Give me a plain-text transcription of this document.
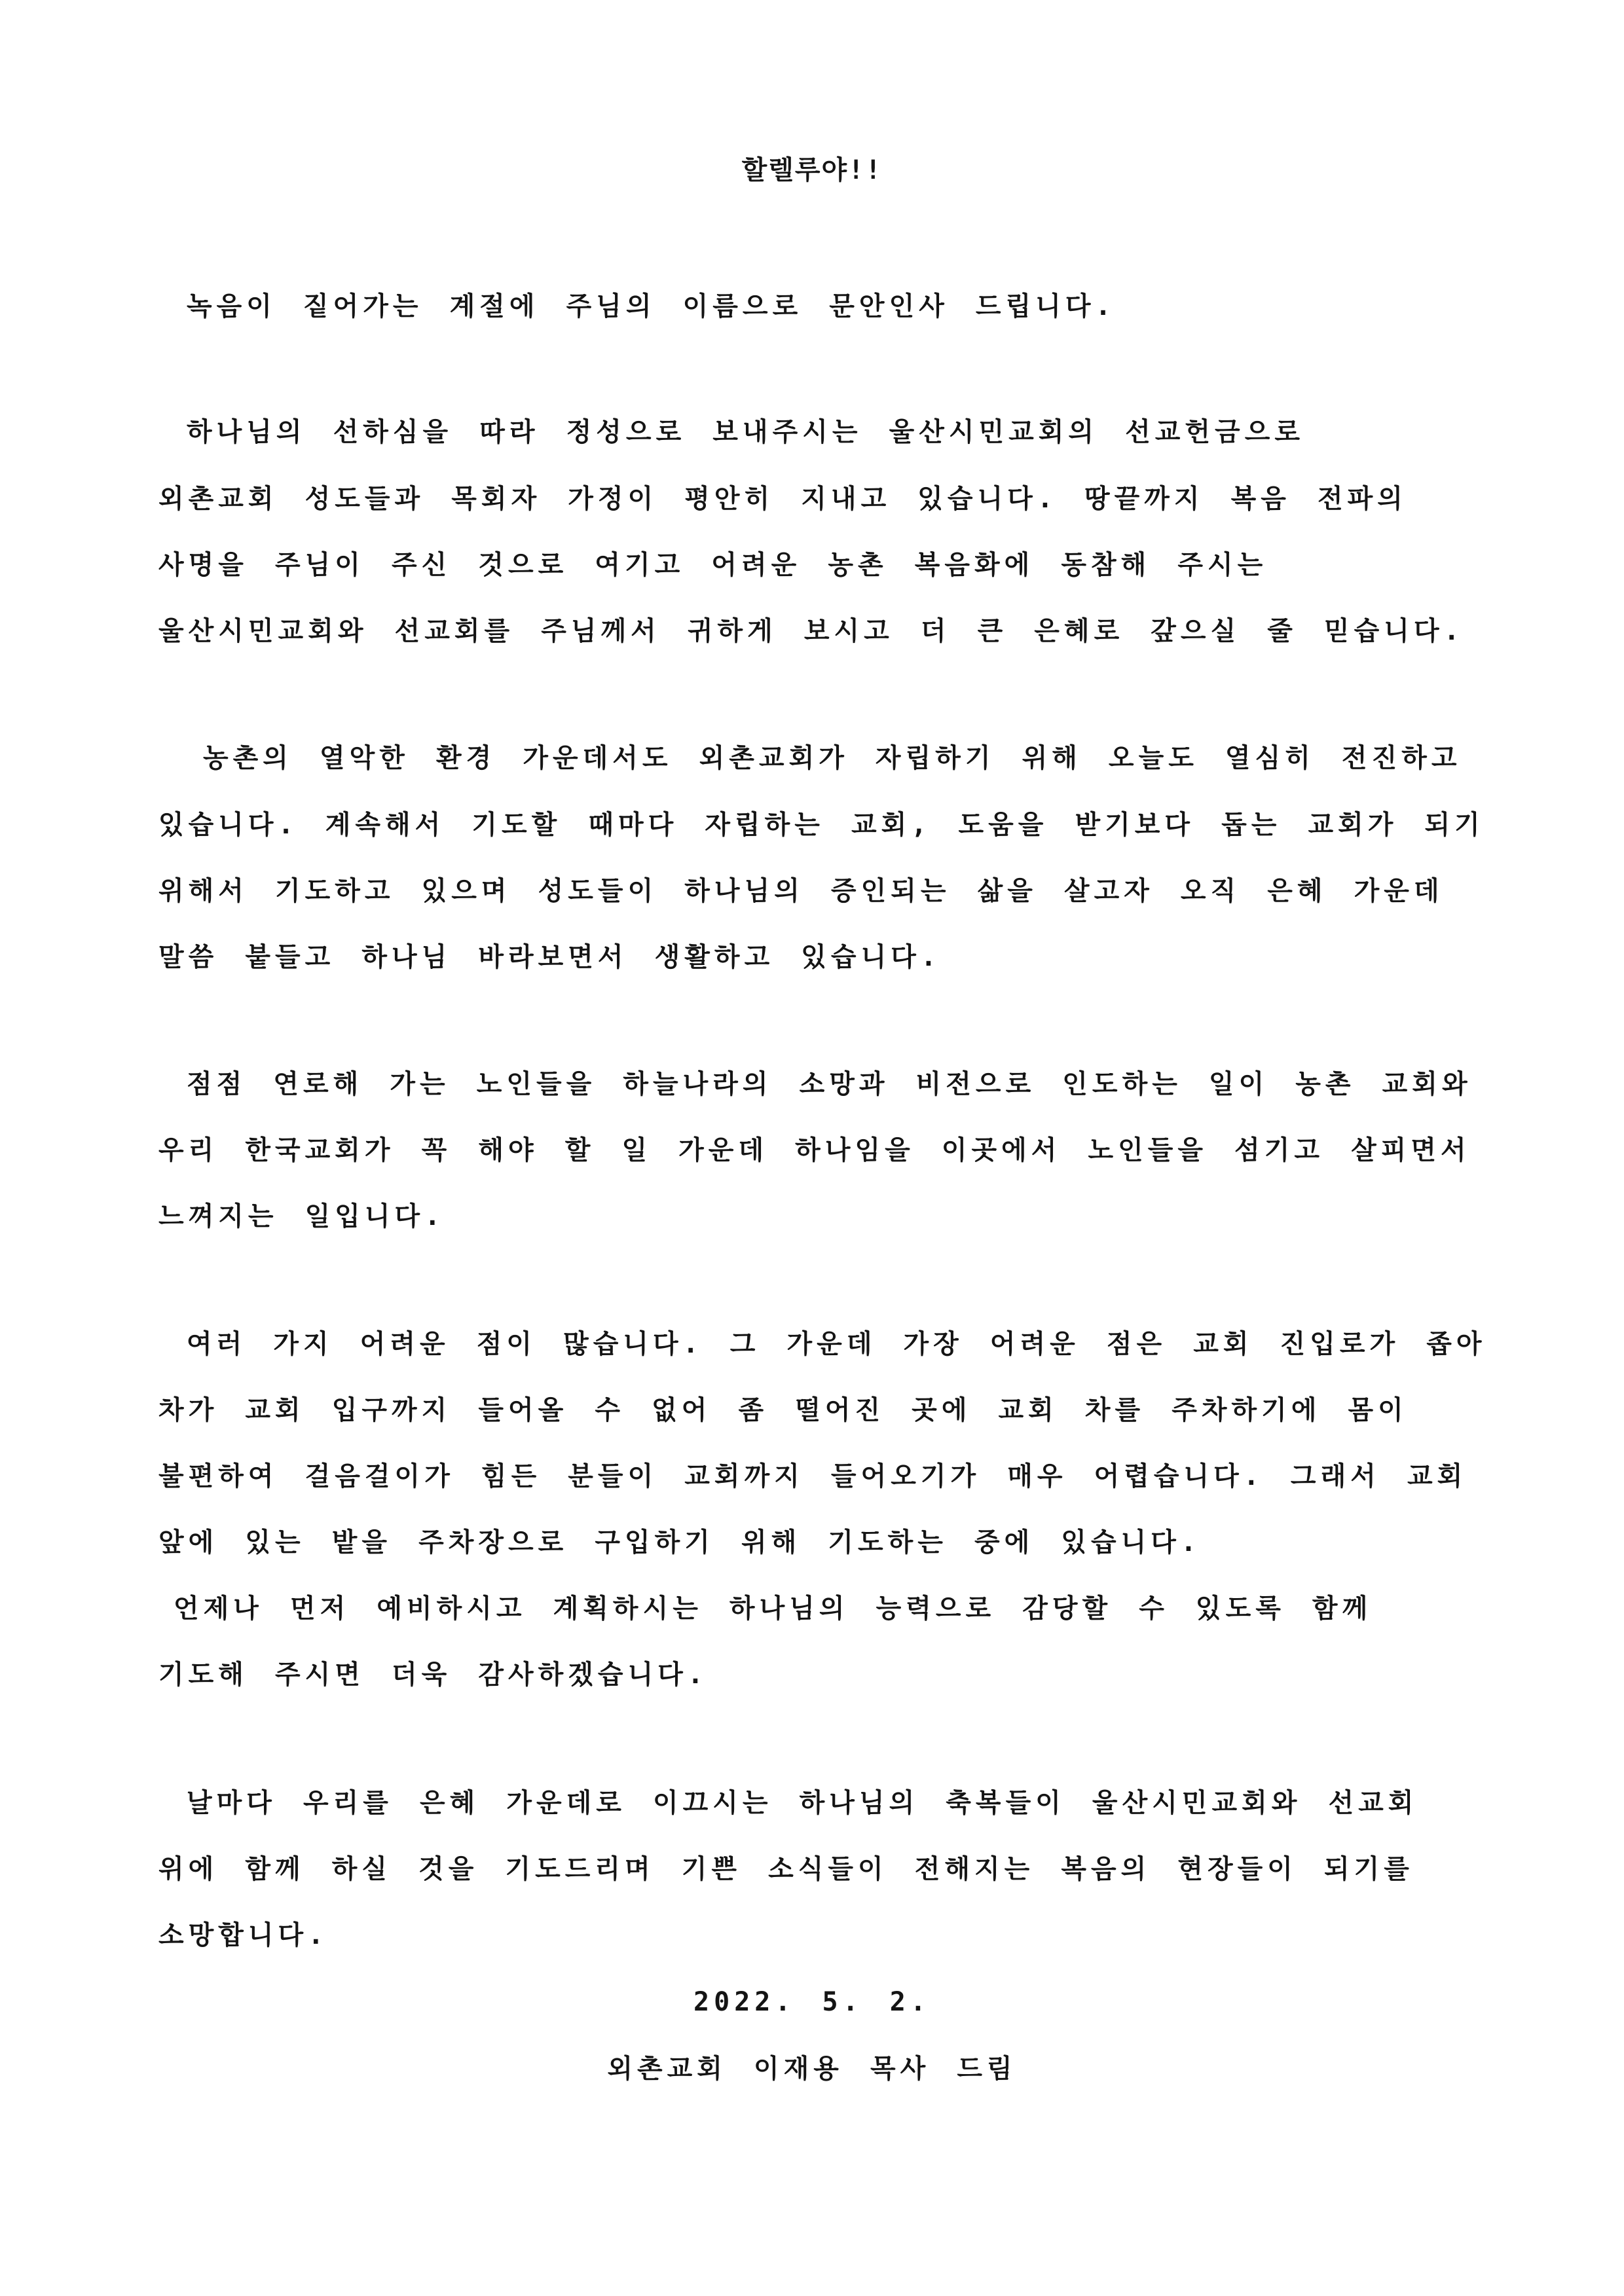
할렐루야!!
녹음이 짙어가는 계절에 주님의 이름으로 문안인사 드립니다.
하나님의 선하심을 따라 정성으로 보내주시는 울산시민교회의 선교헌금으로
외촌교회 성도들과 목회자 가정이 평안히 지내고 있습니다. 땅끝까지 복음 전파의
사명을 주님이 주신 것으로 여기고 어려운 농촌 복음화에 동참해 주시는
울산시민교회와 선교회를 주님께서 귀하게 보시고 더 큰 은혜로 갚으실 줄 믿습니다.
농촌의 열악한 환경 가운데서도 외촌교회가 자립하기 위해 오늘도 열심히 전진하고
있습니다. 계속해서 기도할 때마다 자립하는 교회, 도움을 받기보다 돕는 교회가 되기
위해서 기도하고 있으며 성도들이 하나님의 증인되는 삶을 살고자 오직 은혜 가운데
말씀 붙들고 하나님 바라보면서 생활하고 있습니다.
점점 연로해 가는 노인들을 하늘나라의 소망과 비전으로 인도하는 일이 농촌 교회와
우리 한국교회가 꼭 해야 할 일 가운데 하나임을 이곳에서 노인들을 섬기고 살피면서
느껴지는 일입니다.
여러 가지 어려운 점이 많습니다. 그 가운데 가장 어려운 점은 교회 진입로가 좁아
차가 교회 입구까지 들어올 수 없어 좀 떨어진 곳에 교회 차를 주차하기에 몸이
불편하여 걸음걸이가 힘든 분들이 교회까지 들어오기가 매우 어렵습니다. 그래서 교회
앞에 있는 밭을 주차장으로 구입하기 위해 기도하는 중에 있습니다.
언제나 먼저 예비하시고 계획하시는 하나님의 능력으로 감당할 수 있도록 함께
기도해 주시면 더욱 감사하겠습니다.
날마다 우리를 은혜 가운데로 이끄시는 하나님의 축복들이 울산시민교회와 선교회
위에 함께 하실 것을 기도드리며 기쁜 소식들이 전해지는 복음의 현장들이 되기를
소망합니다.
2022. 5. 2.
외촌교회 이재용 목사 드림
